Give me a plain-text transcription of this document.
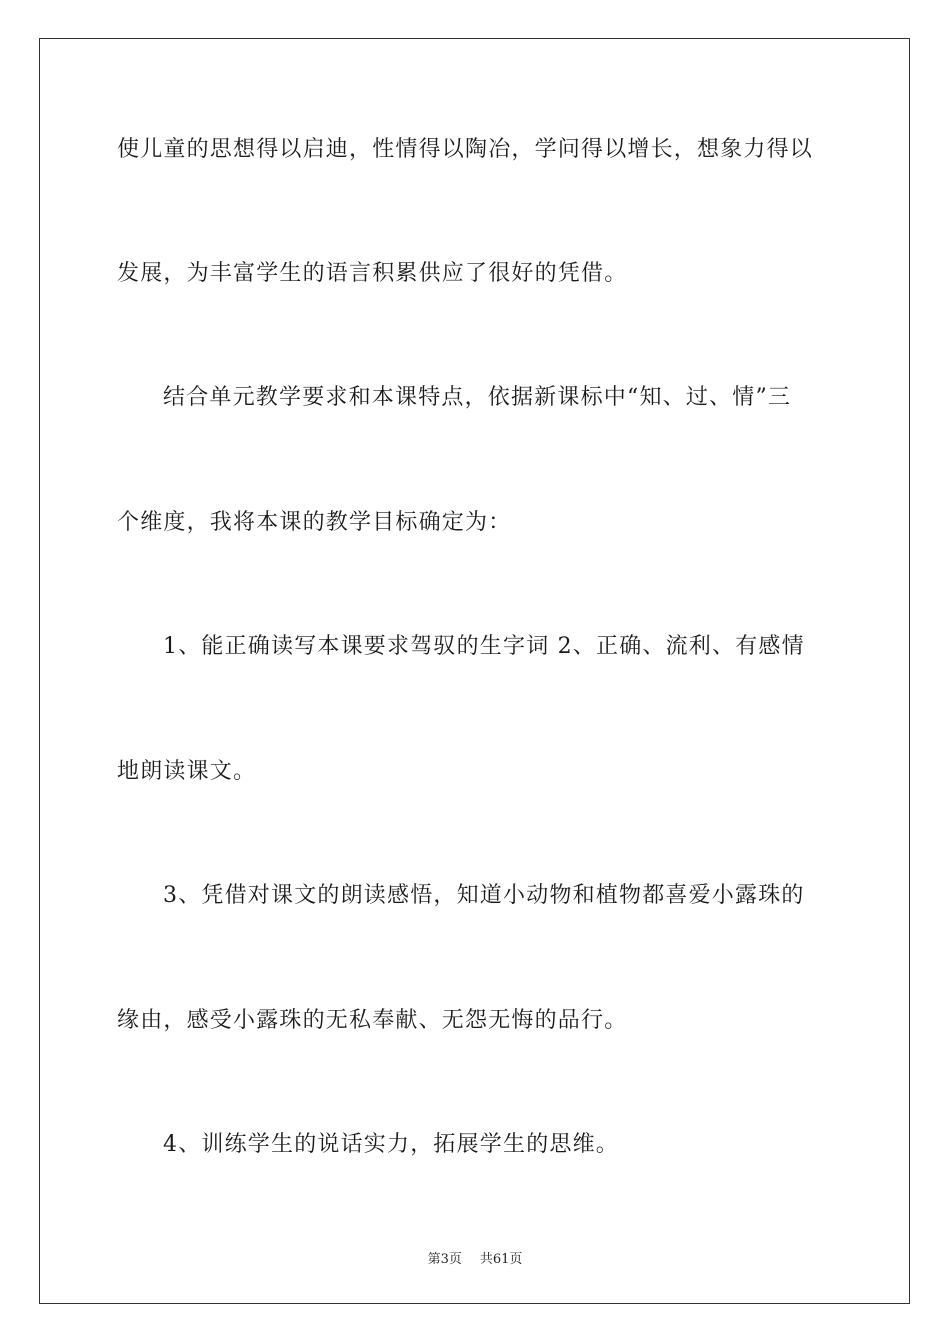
使儿童的思想得以启迪，性情得以陶冶，学问得以增长，想象力得以
发展，为丰富学生的语言积累供应了很好的凭借。
结合单元教学要求和本课特点，依据新课标中“知、过、情”三
个维度，我将本课的教学目标确定为：
1、能正确读写本课要求驾驭的生字词 2、正确、流利、有感情
地朗读课文。
3、凭借对课文的朗读感悟，知道小动物和植物都喜爱小露珠的
缘由，感受小露珠的无私奉献、无怨无悔的品行。
4、训练学生的说话实力，拓展学生的思维。
第3页 共61页
